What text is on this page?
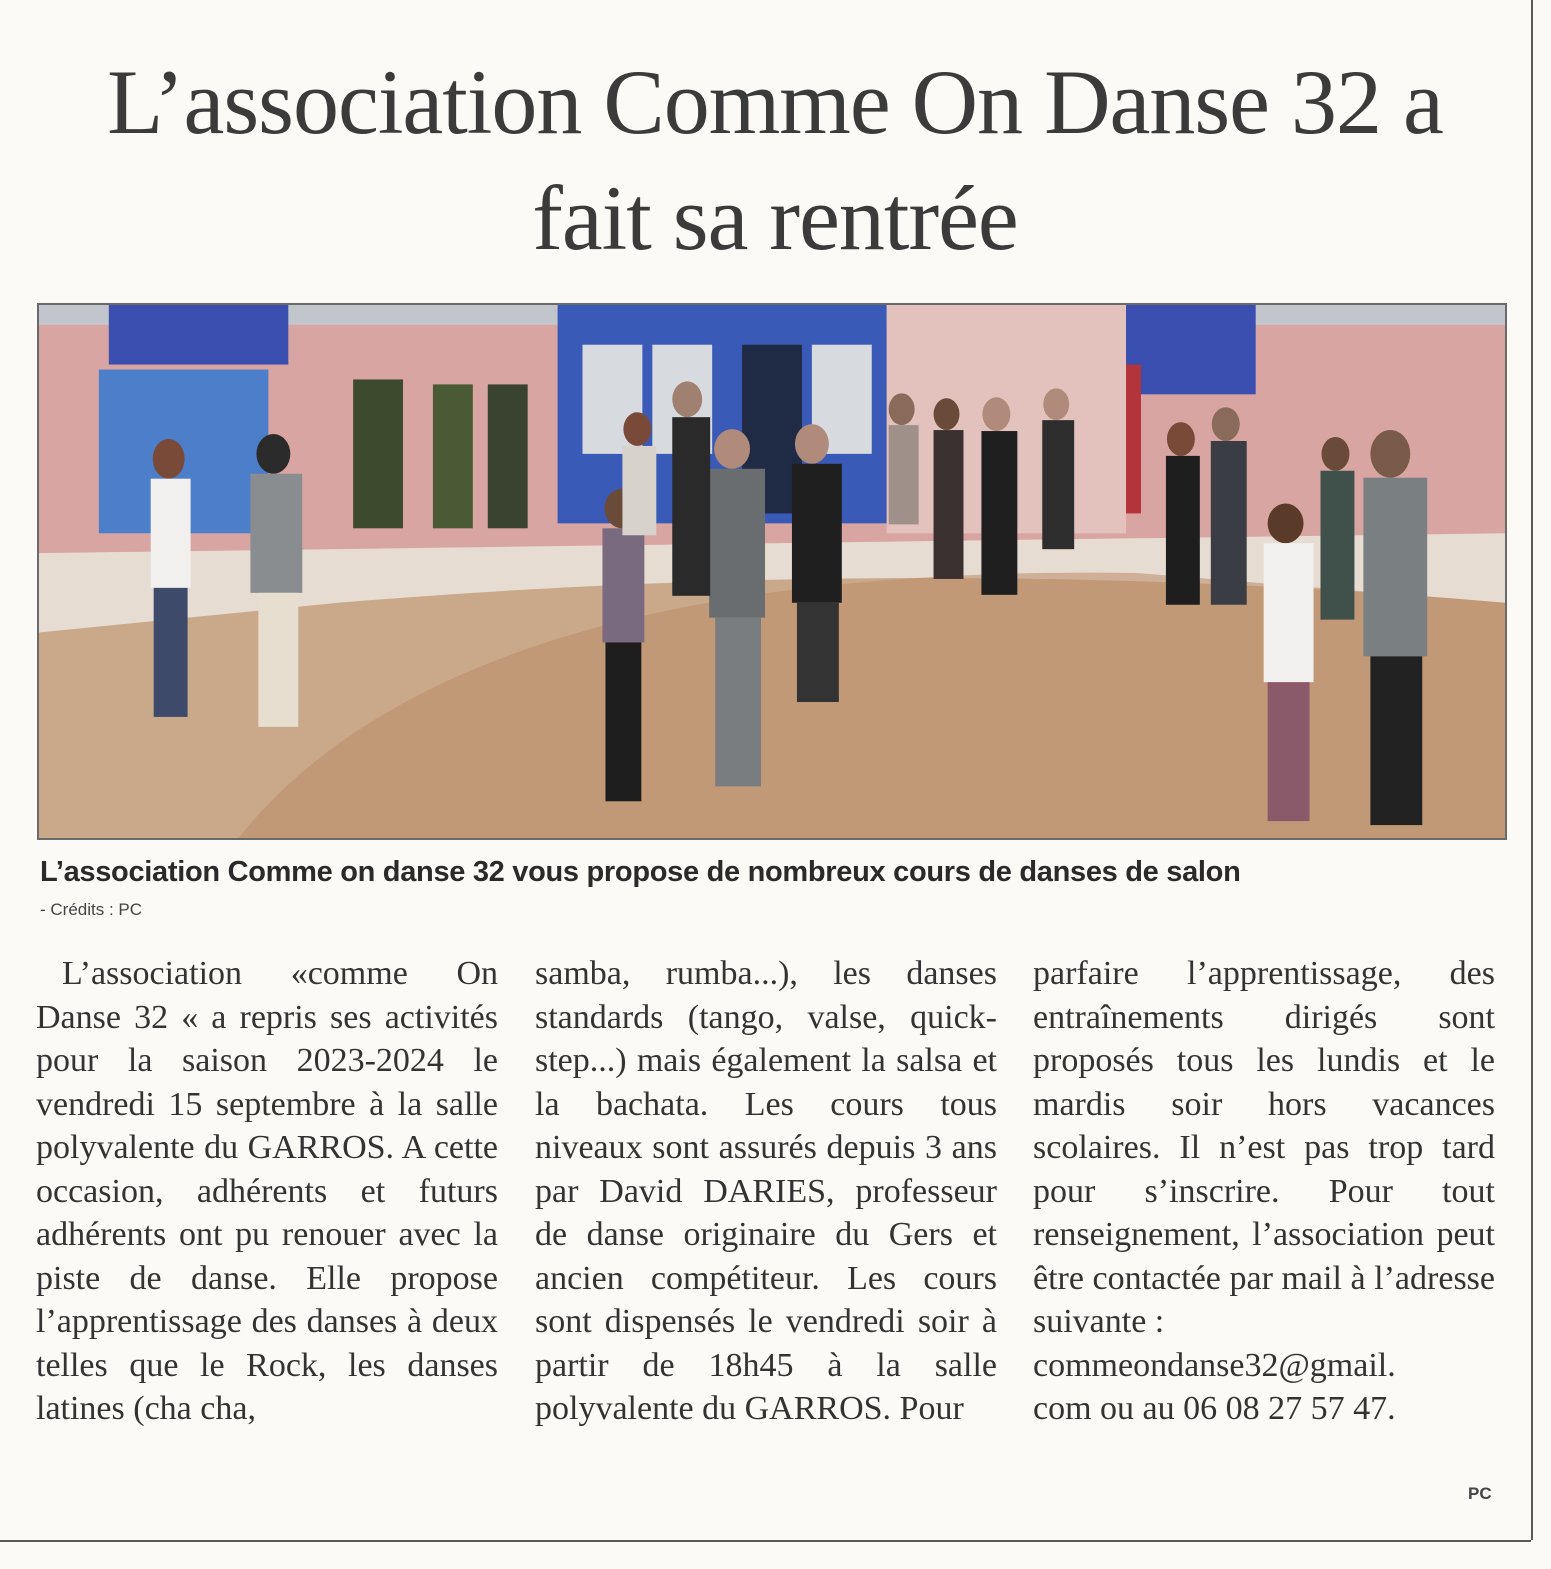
L’association Comme On Danse 32 a fait sa rentrée

L’association Comme on danse 32 vous propose de nombreux cours de danses de salon

- Crédits : PC

L’association «comme On Danse 32 « a repris ses activités pour la saison 2023-2024 le vendredi 15 septembre à la salle polyvalente du GARROS. A cette occasion, adhérents et futurs adhérents ont pu renouer avec la piste de danse. Elle propose l’apprentissage des danses à deux telles que le Rock, les danses latines (cha cha,

samba, rumba...), les danses standards (tango, valse, quick-step...) mais également la salsa et la bachata. Les cours tous niveaux sont assurés depuis 3 ans par David DARIES, professeur de danse originaire du Gers et ancien compétiteur. Les cours sont dispensés le vendredi soir à partir de 18h45 à la salle polyvalente du GARROS. Pour

parfaire l’apprentissage, des entraînements dirigés sont proposés tous les lundis et le mardis soir hors vacances scolaires. Il n’est pas trop tard pour s’inscrire. Pour tout renseignement, l’association peut être contactée par mail à l’adresse suivante :
commeondanse32@gmail.
com ou au 06 08 27 57 47.

PC
